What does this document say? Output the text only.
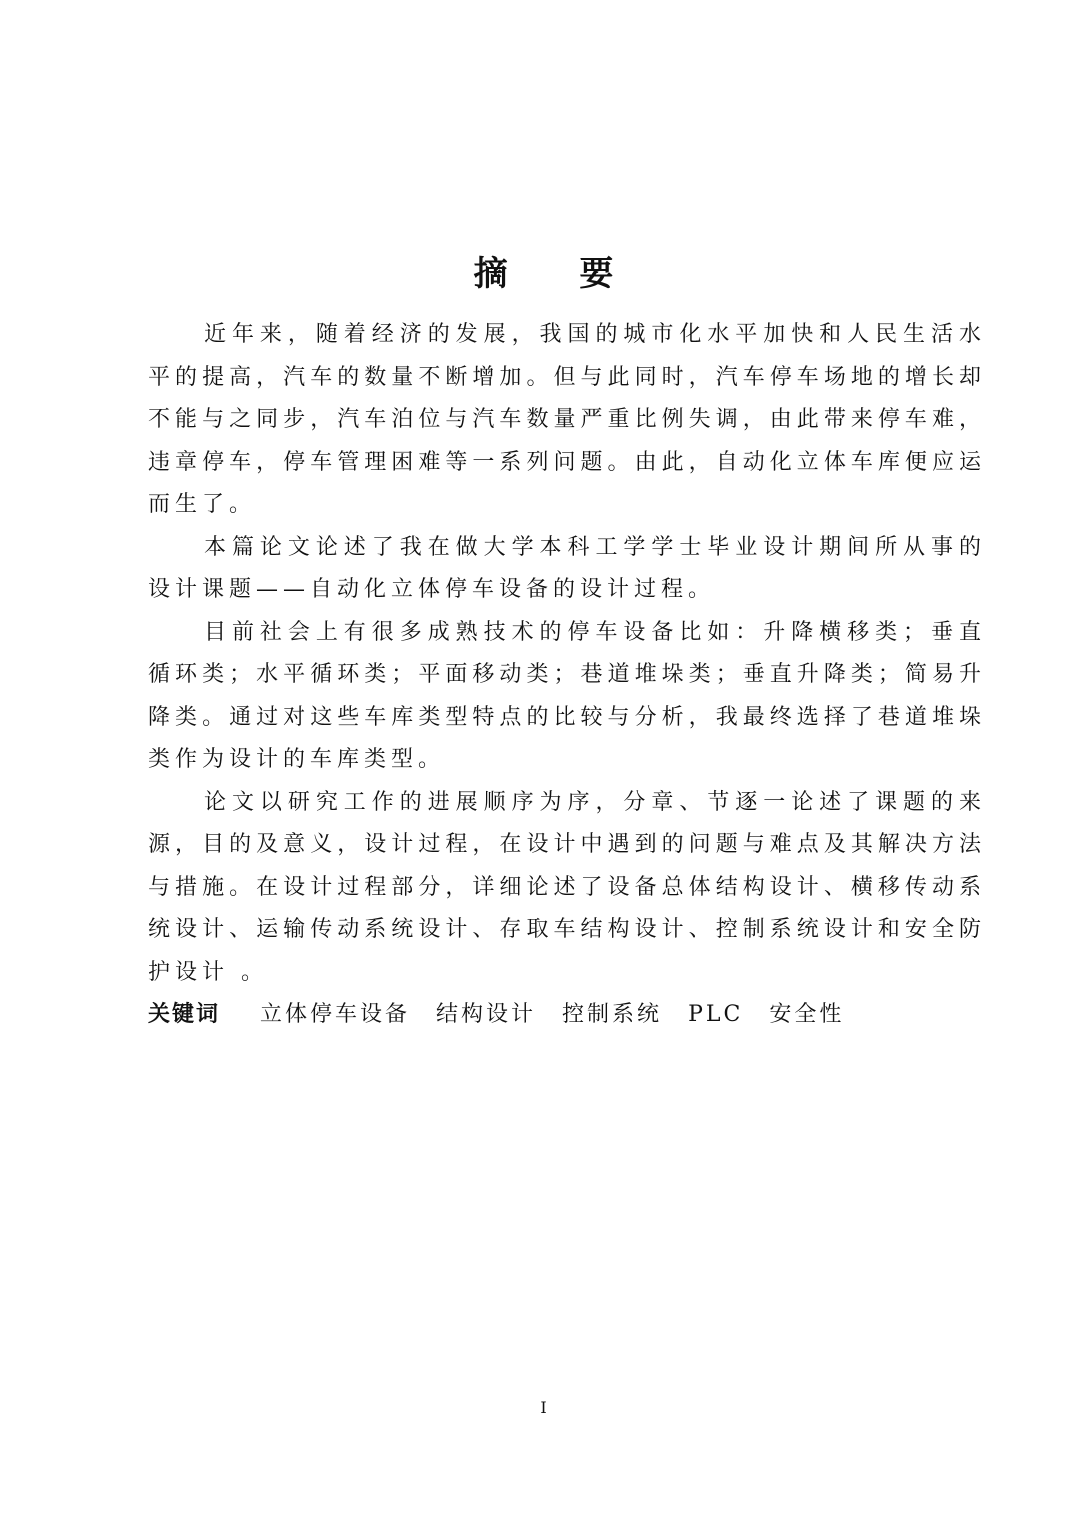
摘 要

近年来，随着经济的发展，我国的城市化水平加快和人民生活水平的提高，汽车的数量不断增加。但与此同时，汽车停车场地的增长却不能与之同步，汽车泊位与汽车数量严重比例失调，由此带来停车难，违章停车，停车管理困难等一系列问题。由此，自动化立体车库便应运而生了。

本篇论文论述了我在做大学本科工学学士毕业设计期间所从事的设计课题——自动化立体停车设备的设计过程。

目前社会上有很多成熟技术的停车设备比如：升降横移类；垂直循环类；水平循环类；平面移动类；巷道堆垛类；垂直升降类；简易升降类。通过对这些车库类型特点的比较与分析，我最终选择了巷道堆垛类作为设计的车库类型。

论文以研究工作的进展顺序为序，分章、节逐一论述了课题的来源，目的及意义，设计过程，在设计中遇到的问题与难点及其解决方法与措施。在设计过程部分，详细论述了设备总体结构设计、横移传动系统设计、运输传动系统设计、存取车结构设计、控制系统设计和安全防护设计 。

关键词 立体停车设备 结构设计 控制系统 PLC 安全性

I
